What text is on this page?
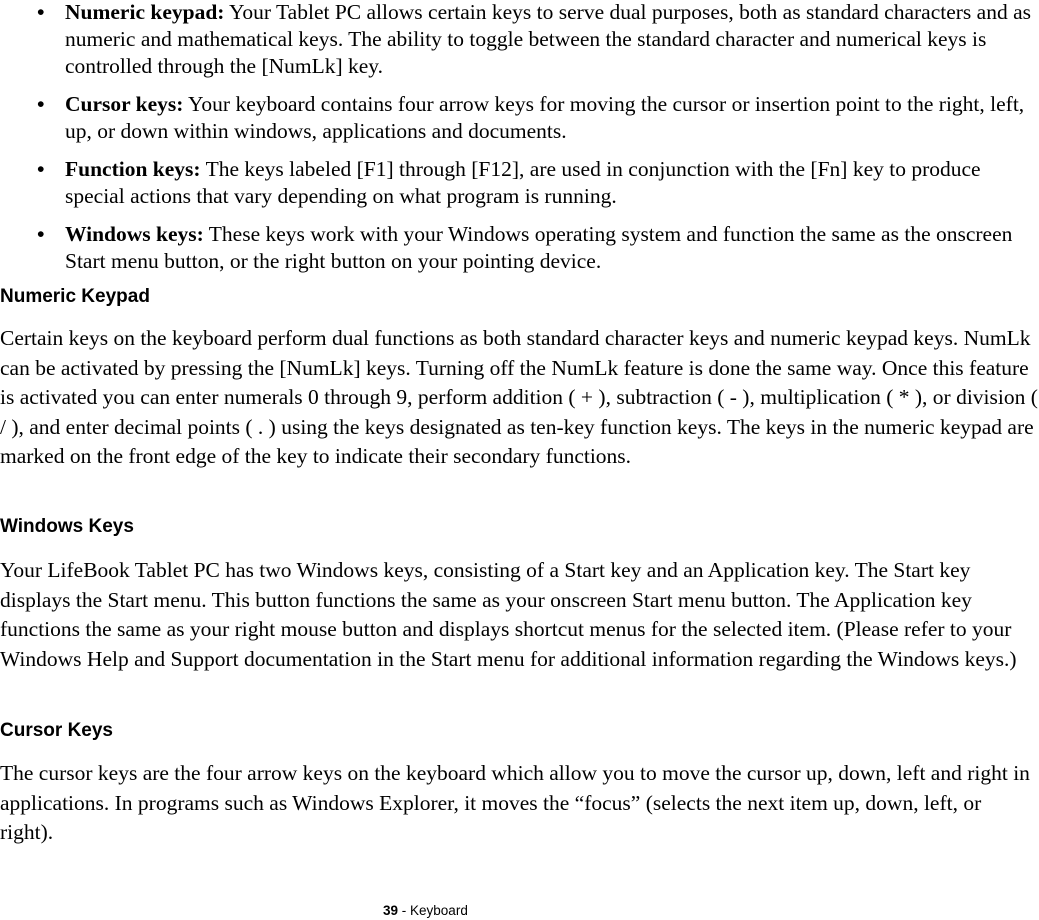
• Numeric keypad: Your Tablet PC allows certain keys to serve dual purposes, both as standard characters and as numeric and mathematical keys. The ability to toggle between the standard character and numerical keys is controlled through the [NumLk] key.
• Cursor keys: Your keyboard contains four arrow keys for moving the cursor or insertion point to the right, left, up, or down within windows, applications and documents.
• Function keys: The keys labeled [F1] through [F12], are used in conjunction with the [Fn] key to produce special actions that vary depending on what program is running.
• Windows keys: These keys work with your Windows operating system and function the same as the onscreen Start menu button, or the right button on your pointing device.
Numeric Keypad

Certain keys on the keyboard perform dual functions as both standard character keys and numeric keypad keys. NumLk can be activated by pressing the [NumLk] keys. Turning off the NumLk feature is done the same way. Once this feature is activated you can enter numerals 0 through 9, perform addition ( + ), subtraction ( - ), multiplication ( * ), or division ( / ), and enter decimal points ( . ) using the keys designated as ten-key function keys. The keys in the numeric keypad are marked on the front edge of the key to indicate their secondary functions.

Windows Keys

Your LifeBook Tablet PC has two Windows keys, consisting of a Start key and an Application key. The Start key displays the Start menu. This button functions the same as your onscreen Start menu button. The Application key functions the same as your right mouse button and displays shortcut menus for the selected item. (Please refer to your Windows Help and Support documentation in the Start menu for additional information regarding the Windows keys.)

Cursor Keys

The cursor keys are the four arrow keys on the keyboard which allow you to move the cursor up, down, left and right in applications. In programs such as Windows Explorer, it moves the “focus” (selects the next item up, down, left, or right).

39 - Keyboard
